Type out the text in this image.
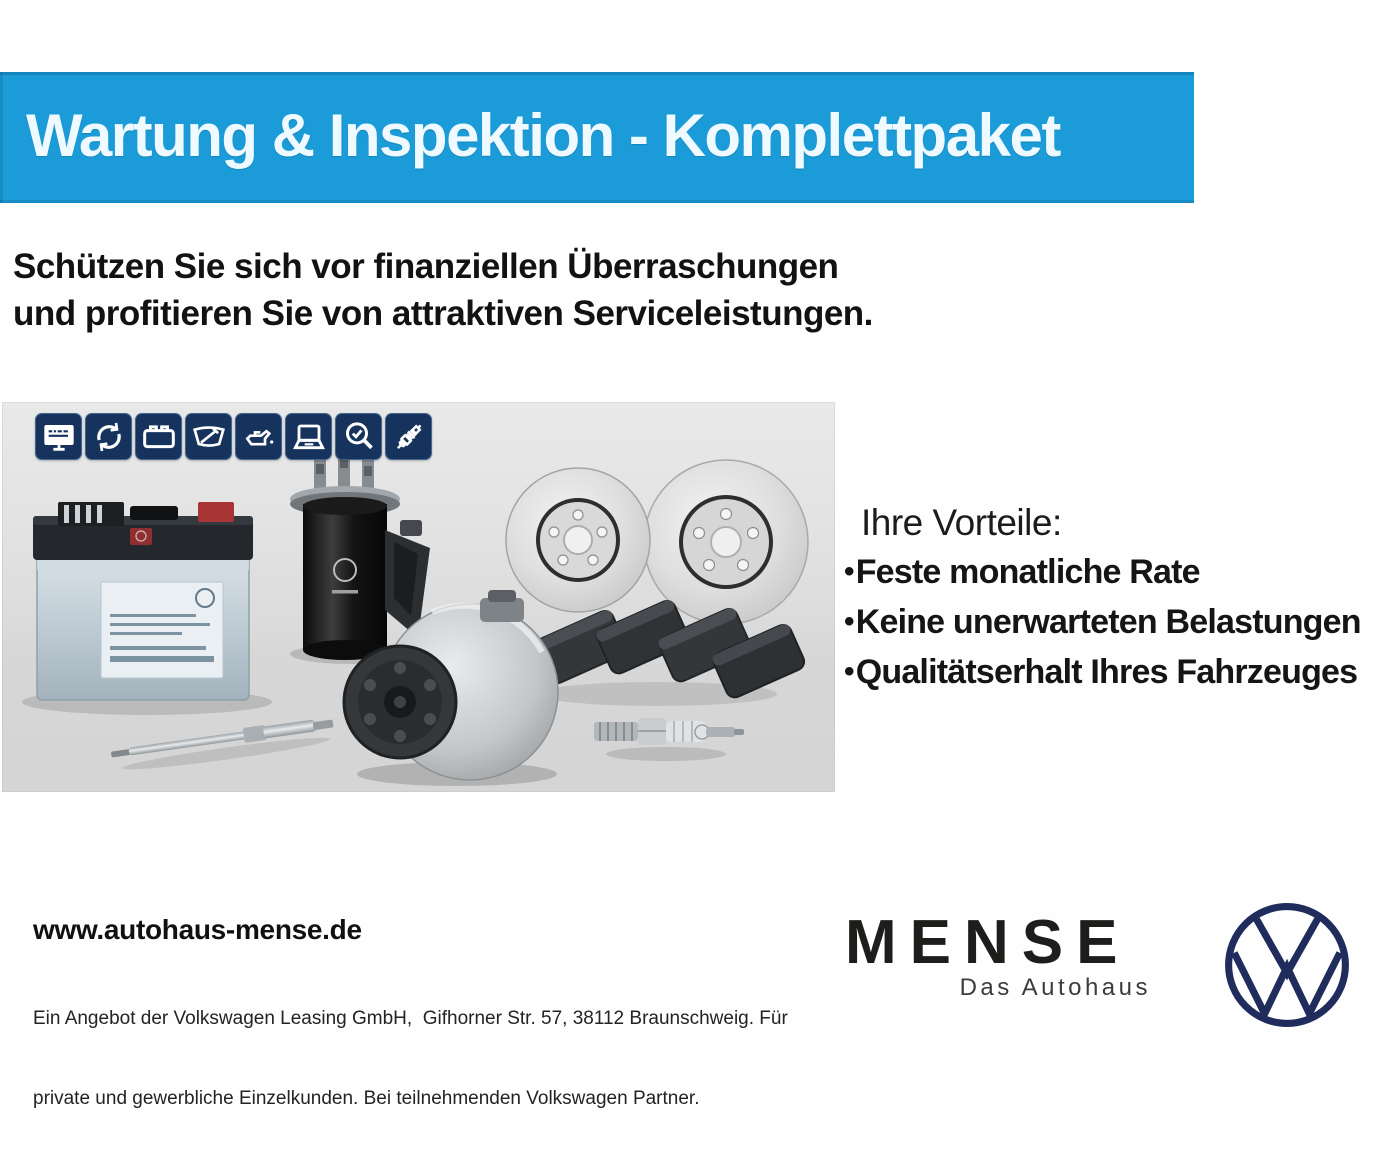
Wartung & Inspektion - Komplettpaket
Schützen Sie sich vor finanziellen Überraschungen
und profitieren Sie von attraktiven Serviceleistungen.
Ihre Vorteile:
•Feste monatliche Rate
•Keine unerwarteten Belastungen
•Qualitätserhalt Ihres Fahrzeuges
www.autohaus-mense.de

Ein Angebot der Volkswagen Leasing GmbH,  Gifhorner Str. 57, 38112 Braunschweig. Für

private und gewerbliche Einzelkunden. Bei teilnehmenden Volkswagen Partner.

MENSE
Das Autohaus
